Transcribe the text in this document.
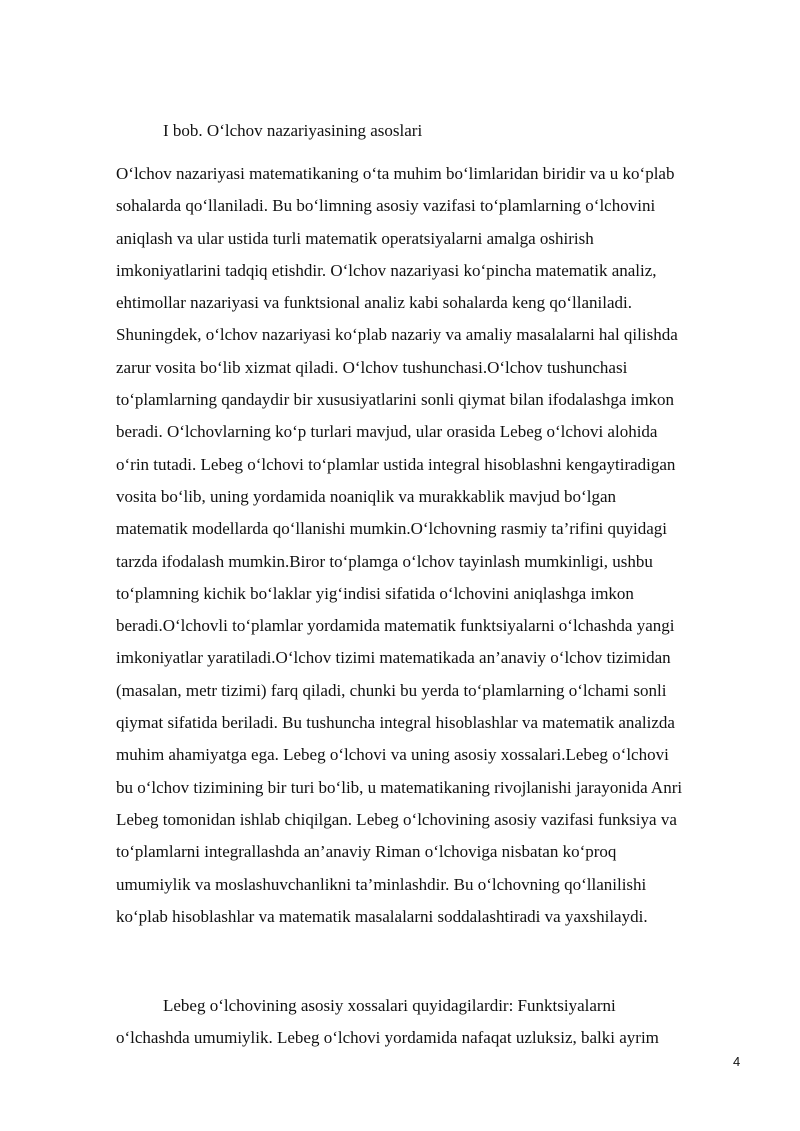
I bob. O‘lchov nazariyasining asoslari
O‘lchov nazariyasi matematikaning o‘ta muhim bo‘limlaridan biridir va u ko‘plab
sohalarda qo‘llaniladi. Bu bo‘limning asosiy vazifasi to‘plamlarning o‘lchovini
aniqlash va ular ustida turli matematik operatsiyalarni amalga oshirish
imkoniyatlarini tadqiq etishdir. O‘lchov nazariyasi ko‘pincha matematik analiz,
ehtimollar nazariyasi va funktsional analiz kabi sohalarda keng qo‘llaniladi.
Shuningdek, o‘lchov nazariyasi ko‘plab nazariy va amaliy masalalarni hal qilishda
zarur vosita bo‘lib xizmat qiladi. O‘lchov tushunchasi.O‘lchov tushunchasi
to‘plamlarning qandaydir bir xususiyatlarini sonli qiymat bilan ifodalashga imkon
beradi. O‘lchovlarning ko‘p turlari mavjud, ular orasida Lebeg o‘lchovi alohida
o‘rin tutadi. Lebeg o‘lchovi to‘plamlar ustida integral hisoblashni kengaytiradigan
vosita bo‘lib, uning yordamida noaniqlik va murakkablik mavjud bo‘lgan
matematik modellarda qo‘llanishi mumkin.O‘lchovning rasmiy ta’rifini quyidagi
tarzda ifodalash mumkin.Biror to‘plamga o‘lchov tayinlash mumkinligi, ushbu
to‘plamning kichik bo‘laklar yig‘indisi sifatida o‘lchovini aniqlashga imkon
beradi.O‘lchovli to‘plamlar yordamida matematik funktsiyalarni o‘lchashda yangi
imkoniyatlar yaratiladi.O‘lchov tizimi matematikada an’anaviy o‘lchov tizimidan
(masalan, metr tizimi) farq qiladi, chunki bu yerda to‘plamlarning o‘lchami sonli
qiymat sifatida beriladi. Bu tushuncha integral hisoblashlar va matematik analizda
muhim ahamiyatga ega. Lebeg o‘lchovi va uning asosiy xossalari.Lebeg o‘lchovi
bu o‘lchov tizimining bir turi bo‘lib, u matematikaning rivojlanishi jarayonida Anri
Lebeg tomonidan ishlab chiqilgan. Lebeg o‘lchovining asosiy vazifasi funksiya va
to‘plamlarni integrallashda an’anaviy Riman o‘lchoviga nisbatan ko‘proq
umumiylik va moslashuvchanlikni ta’minlashdir. Bu o‘lchovning qo‘llanilishi
ko‘plab hisoblashlar va matematik masalalarni soddalashtiradi va yaxshilaydi.
Lebeg o‘lchovining asosiy xossalari quyidagilardir: Funktsiyalarni
o‘lchashda umumiylik. Lebeg o‘lchovi yordamida nafaqat uzluksiz, balki ayrim
4
